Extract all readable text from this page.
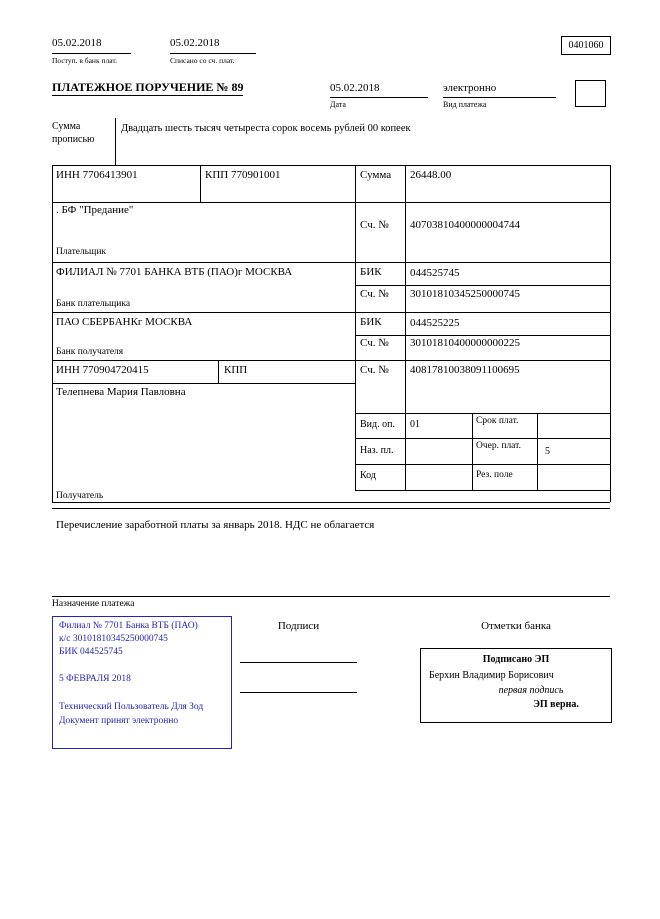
05.02.2018
Поступ. в банк плат.
05.02.2018
Списано со сч. плат.
0401060
ПЛАТЕЖНОЕ ПОРУЧЕНИЕ № 89	05.02.2018
Дата
электронно
Вид платежа
Сумма прописью
Двадцать шесть тысяч четыреста сорок восемь рублей 00 копеек
ИНН 7706413901	КПП 770901001	Сумма 26448.00
. БФ "Предание"
Сч. № 40703810400000004744
Плательщик
ФИЛИАЛ № 7701 БАНКА ВТБ (ПАО)г МОСКВА	БИК	044525745
Сч. № 30101810345250000745
Банк плательщика
ПАО СБЕРБАНКг МОСКВА	БИК	044525225
Сч. № 30101810400000000225
Банк получателя
ИНН 770904720415	КПП	Сч. № 40817810038091100695
Телепнева Мария Павловна
Вид. оп. 01	Срок плат.
Наз. пл.	Очер. плат. 5
Код	Рез. поле
Получатель
Перечисление заработной платы за январь 2018. НДС не облагается
Назначение платежа
Филиал № 7701 Банка ВТБ (ПАО)
к/с 30101810345250000745
БИК 044525745
5 ФЕВРАЛЯ 2018
Технический Пользователь Для Зод
Документ принят электронно
Подписи	Отметки банка
Подписано ЭП
Берхин Владимир Борисович
первая подпись
ЭП верна.
